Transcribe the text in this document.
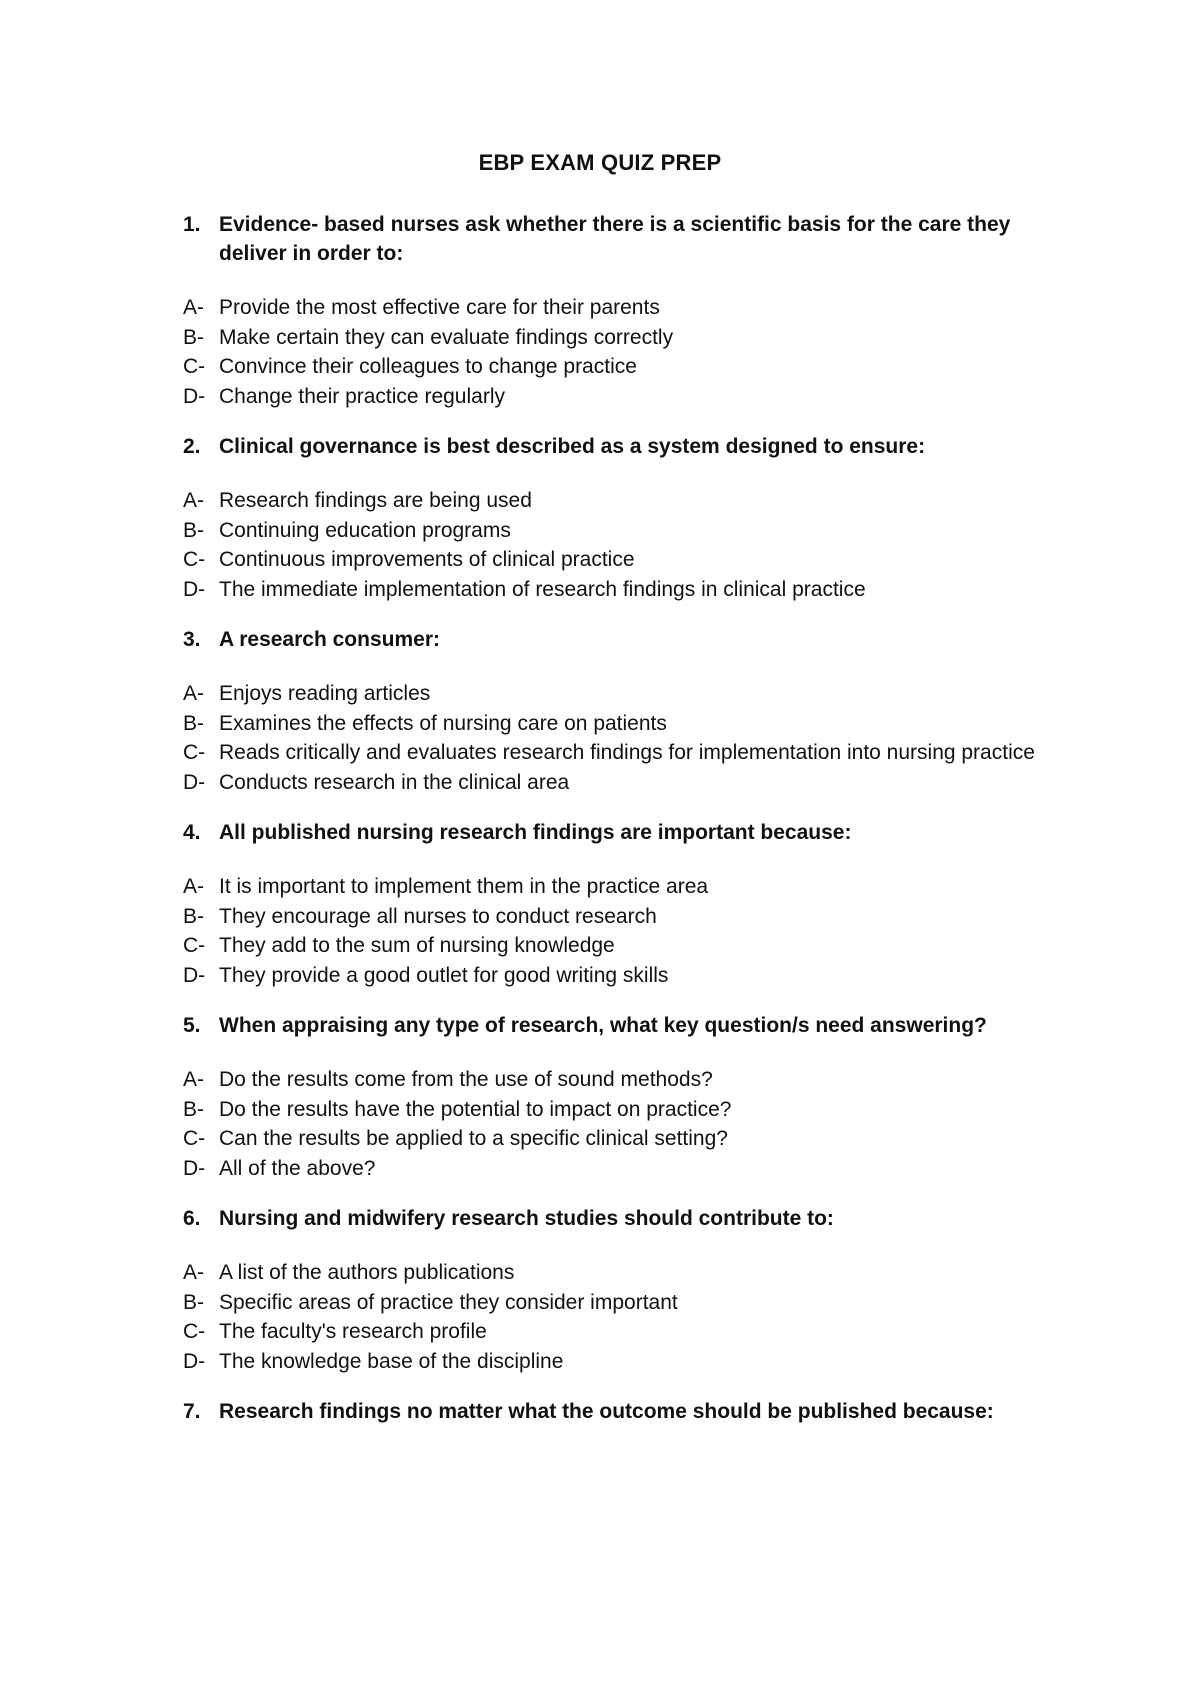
EBP EXAM QUIZ PREP
1. Evidence- based nurses ask whether there is a scientific basis for the care they deliver in order to:
A- Provide the most effective care for their parents
B- Make certain they can evaluate findings correctly
C- Convince their colleagues to change practice
D- Change their practice regularly
2. Clinical governance is best described as a system designed to ensure:
A- Research findings are being used
B- Continuing education programs
C- Continuous improvements of clinical practice
D- The immediate implementation of research findings in clinical practice
3. A research consumer:
A- Enjoys reading articles
B- Examines the effects of nursing care on patients
C- Reads critically and evaluates research findings for implementation into nursing practice
D- Conducts research in the clinical area
4. All published nursing research findings are important because:
A- It is important to implement them in the practice area
B- They encourage all nurses to conduct research
C- They add to the sum of nursing knowledge
D- They provide a good outlet for good writing skills
5. When appraising any type of research, what key question/s need answering?
A- Do the results come from the use of sound methods?
B- Do the results have the potential to impact on practice?
C- Can the results be applied to a specific clinical setting?
D- All of the above?
6. Nursing and midwifery research studies should contribute to:
A- A list of the authors publications
B- Specific areas of practice they consider important
C- The faculty's research profile
D- The knowledge base of the discipline
7. Research findings no matter what the outcome should be published because:
